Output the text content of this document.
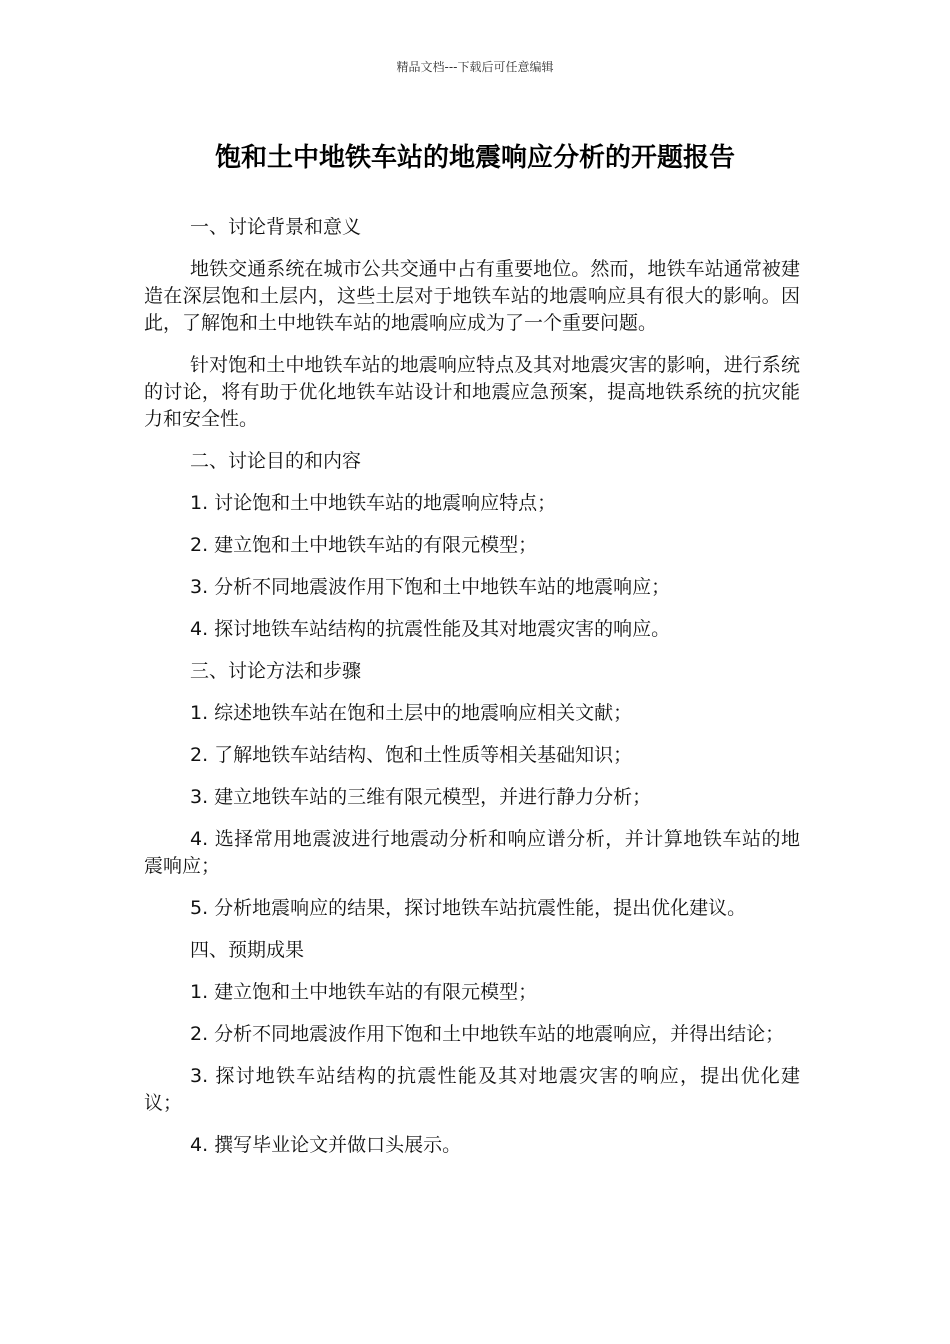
精品文档---下载后可任意编辑
饱和土中地铁车站的地震响应分析的开题报告

一、讨论背景和意义

地铁交通系统在城市公共交通中占有重要地位。然而，地铁车站通常被建造在深层饱和土层内，这些土层对于地铁车站的地震响应具有很大的影响。因此，了解饱和土中地铁车站的地震响应成为了一个重要问题。

针对饱和土中地铁车站的地震响应特点及其对地震灾害的影响，进行系统的讨论，将有助于优化地铁车站设计和地震应急预案，提高地铁系统的抗灾能力和安全性。

二、讨论目的和内容

1. 讨论饱和土中地铁车站的地震响应特点；

2. 建立饱和土中地铁车站的有限元模型；

3. 分析不同地震波作用下饱和土中地铁车站的地震响应；

4. 探讨地铁车站结构的抗震性能及其对地震灾害的响应。

三、讨论方法和步骤

1. 综述地铁车站在饱和土层中的地震响应相关文献；

2. 了解地铁车站结构、饱和土性质等相关基础知识；

3. 建立地铁车站的三维有限元模型，并进行静力分析；

4. 选择常用地震波进行地震动分析和响应谱分析，并计算地铁车站的地震响应；

5. 分析地震响应的结果，探讨地铁车站抗震性能，提出优化建议。

四、预期成果

1. 建立饱和土中地铁车站的有限元模型；

2. 分析不同地震波作用下饱和土中地铁车站的地震响应，并得出结论；

3. 探讨地铁车站结构的抗震性能及其对地震灾害的响应，提出优化建议；

4. 撰写毕业论文并做口头展示。
